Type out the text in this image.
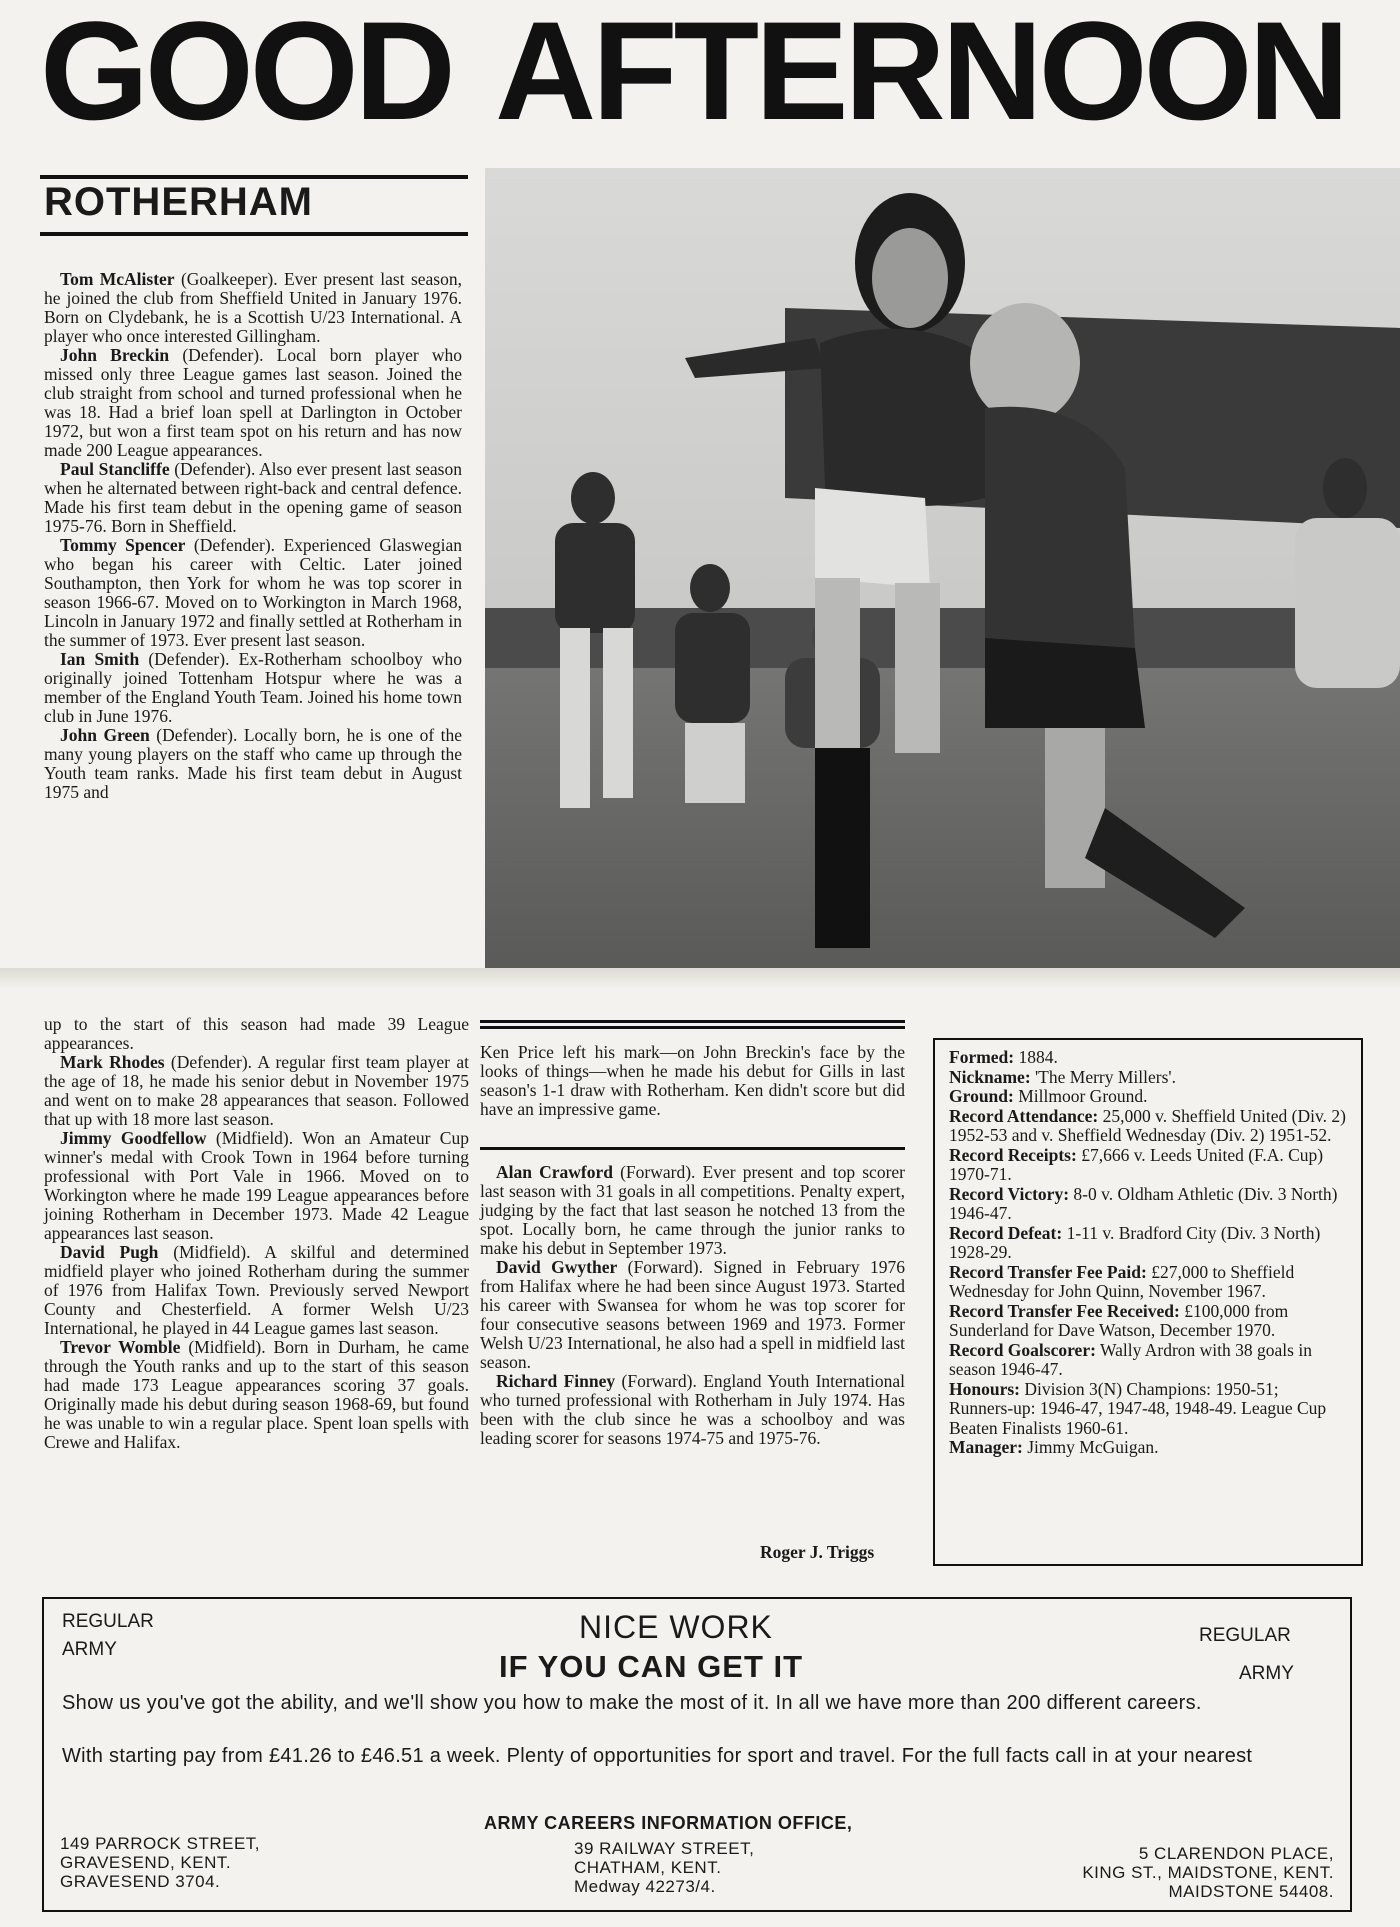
GOOD AFTERNOON
ROTHERHAM

Tom McAlister (Goalkeeper). Ever present last season, he joined the club from Sheffield United in January 1976. Born on Clydebank, he is a Scottish U/23 International. A player who once interested Gillingham.

John Breckin (Defender). Local born player who missed only three League games last season. Joined the club straight from school and turned professional when he was 18. Had a brief loan spell at Darlington in October 1972, but won a first team spot on his return and has now made 200 League appearances.

Paul Stancliffe (Defender). Also ever present last season when he alternated between right-back and central defence. Made his first team debut in the opening game of season 1975-76. Born in Sheffield.

Tommy Spencer (Defender). Experienced Glaswegian who began his career with Celtic. Later joined Southampton, then York for whom he was top scorer in season 1966-67. Moved on to Workington in March 1968, Lincoln in January 1972 and finally settled at Rotherham in the summer of 1973. Ever present last season.

Ian Smith (Defender). Ex-Rotherham schoolboy who originally joined Tottenham Hotspur where he was a member of the England Youth Team. Joined his home town club in June 1976.

John Green (Defender). Locally born, he is one of the many young players on the staff who came up through the Youth team ranks. Made his first team debut in August 1975 and

up to the start of this season had made 39 League appearances.

Mark Rhodes (Defender). A regular first team player at the age of 18, he made his senior debut in November 1975 and went on to make 28 appearances that season. Followed that up with 18 more last season.

Jimmy Goodfellow (Midfield). Won an Amateur Cup winner's medal with Crook Town in 1964 before turning professional with Port Vale in 1966. Moved on to Workington where he made 199 League appearances before joining Rotherham in December 1973. Made 42 League appearances last season.

David Pugh (Midfield). A skilful and determined midfield player who joined Rotherham during the summer of 1976 from Halifax Town. Previously served Newport County and Chesterfield. A former Welsh U/23 International, he played in 44 League games last season.

Trevor Womble (Midfield). Born in Durham, he came through the Youth ranks and up to the start of this season had made 173 League appearances scoring 37 goals. Originally made his debut during season 1968-69, but found he was unable to win a regular place. Spent loan spells with Crewe and Halifax.

Ken Price left his mark—on John Breckin's face by the looks of things—when he made his debut for Gills in last season's 1-1 draw with Rotherham. Ken didn't score but did have an impressive game.

Alan Crawford (Forward). Ever present and top scorer last season with 31 goals in all competitions. Penalty expert, judging by the fact that last season he notched 13 from the spot. Locally born, he came through the junior ranks to make his debut in September 1973.

David Gwyther (Forward). Signed in February 1976 from Halifax where he had been since August 1973. Started his career with Swansea for whom he was top scorer for four consecutive seasons between 1969 and 1973. Former Welsh U/23 International, he also had a spell in midfield last season.

Richard Finney (Forward). England Youth International who turned professional with Rotherham in July 1974. Has been with the club since he was a schoolboy and was leading scorer for seasons 1974-75 and 1975-76.

Roger J. Triggs

Formed: 1884.

Nickname: 'The Merry Millers'.

Ground: Millmoor Ground.

Record Attendance: 25,000 v. Sheffield United (Div. 2) 1952-53 and v. Sheffield Wednesday (Div. 2) 1951-52.

Record Receipts: £7,666 v. Leeds United (F.A. Cup) 1970-71.

Record Victory: 8-0 v. Oldham Athletic (Div. 3 North) 1946-47.

Record Defeat: 1-11 v. Bradford City (Div. 3 North) 1928-29.

Record Transfer Fee Paid: £27,000 to Sheffield Wednesday for John Quinn, November 1967.

Record Transfer Fee Received: £100,000 from Sunderland for Dave Watson, December 1970.

Record Goalscorer: Wally Ardron with 38 goals in season 1946-47.

Honours: Division 3(N) Champions: 1950-51; Runners-up: 1946-47, 1947-48, 1948-49. League Cup Beaten Finalists 1960-61.

Manager: Jimmy McGuigan.

REGULAR
ARMY
REGULAR
ARMY
NICE WORK
IF YOU CAN GET IT
Show us you've got the ability, and we'll show you how to make the most of it. In all we have more than 200 different careers.
With starting pay from £41.26 to £46.51 a week. Plenty of opportunities for sport and travel. For the full facts call in at your nearest
ARMY CAREERS INFORMATION OFFICE,
149 PARROCK STREET,
GRAVESEND, KENT.
GRAVESEND 3704.
39 RAILWAY STREET,
CHATHAM, KENT.
Medway 42273/4.
5 CLARENDON PLACE,
KING ST., MAIDSTONE, KENT.
MAIDSTONE 54408.
